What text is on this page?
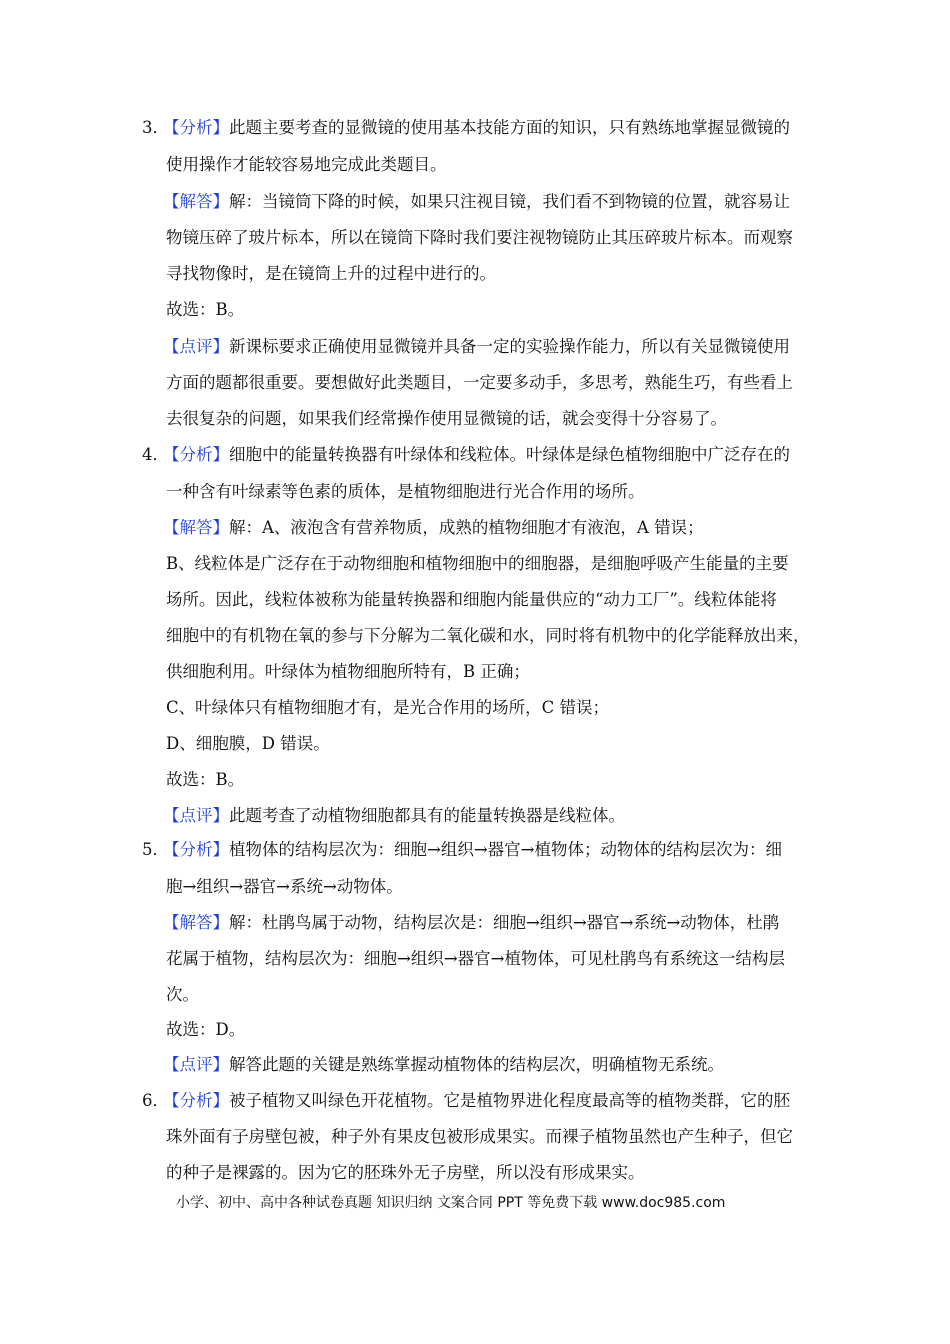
3．
【分析】此题主要考查的显微镜的使用基本技能方面的知识，只有熟练地掌握显微镜的
使用操作才能较容易地完成此类题目。
【解答】解：当镜筒下降的时候，如果只注视目镜，我们看不到物镜的位置，就容易让
物镜压碎了玻片标本，所以在镜筒下降时我们要注视物镜防止其压碎玻片标本。而观察
寻找物像时，是在镜筒上升的过程中进行的。
故选：B。
【点评】新课标要求正确使用显微镜并具备一定的实验操作能力，所以有关显微镜使用
方面的题都很重要。要想做好此类题目，一定要多动手，多思考，熟能生巧，有些看上
去很复杂的问题，如果我们经常操作使用显微镜的话，就会变得十分容易了。
4．
【分析】细胞中的能量转换器有叶绿体和线粒体。叶绿体是绿色植物细胞中广泛存在的
一种含有叶绿素等色素的质体，是植物细胞进行光合作用的场所。
【解答】解：A、液泡含有营养物质，成熟的植物细胞才有液泡，A 错误；
B、线粒体是广泛存在于动物细胞和植物细胞中的细胞器，是细胞呼吸产生能量的主要
场所。因此，线粒体被称为能量转换器和细胞内能量供应的“动力工厂”。线粒体能将
细胞中的有机物在氧的参与下分解为二氧化碳和水，同时将有机物中的化学能释放出来，
供细胞利用。叶绿体为植物细胞所特有，B 正确；
C、叶绿体只有植物细胞才有，是光合作用的场所，C 错误；
D、细胞膜，D 错误。
故选：B。
【点评】此题考查了动植物细胞都具有的能量转换器是线粒体。
5．
【分析】植物体的结构层次为：细胞→组织→器官→植物体；动物体的结构层次为：细
胞→组织→器官→系统→动物体。
【解答】解：杜鹃鸟属于动物，结构层次是：细胞→组织→器官→系统→动物体，杜鹃
花属于植物，结构层次为：细胞→组织→器官→植物体，可见杜鹃鸟有系统这一结构层
次。
故选：D。
【点评】解答此题的关键是熟练掌握动植物体的结构层次，明确植物无系统。
6．
【分析】被子植物又叫绿色开花植物。它是植物界进化程度最高等的植物类群，它的胚
珠外面有子房壁包被，种子外有果皮包被形成果实。而裸子植物虽然也产生种子，但它
的种子是裸露的。因为它的胚珠外无子房壁，所以没有形成果实。
小学、初中、高中各种试卷真题 知识归纳 文案合同 PPT 等免费下载 www.doc985.com
